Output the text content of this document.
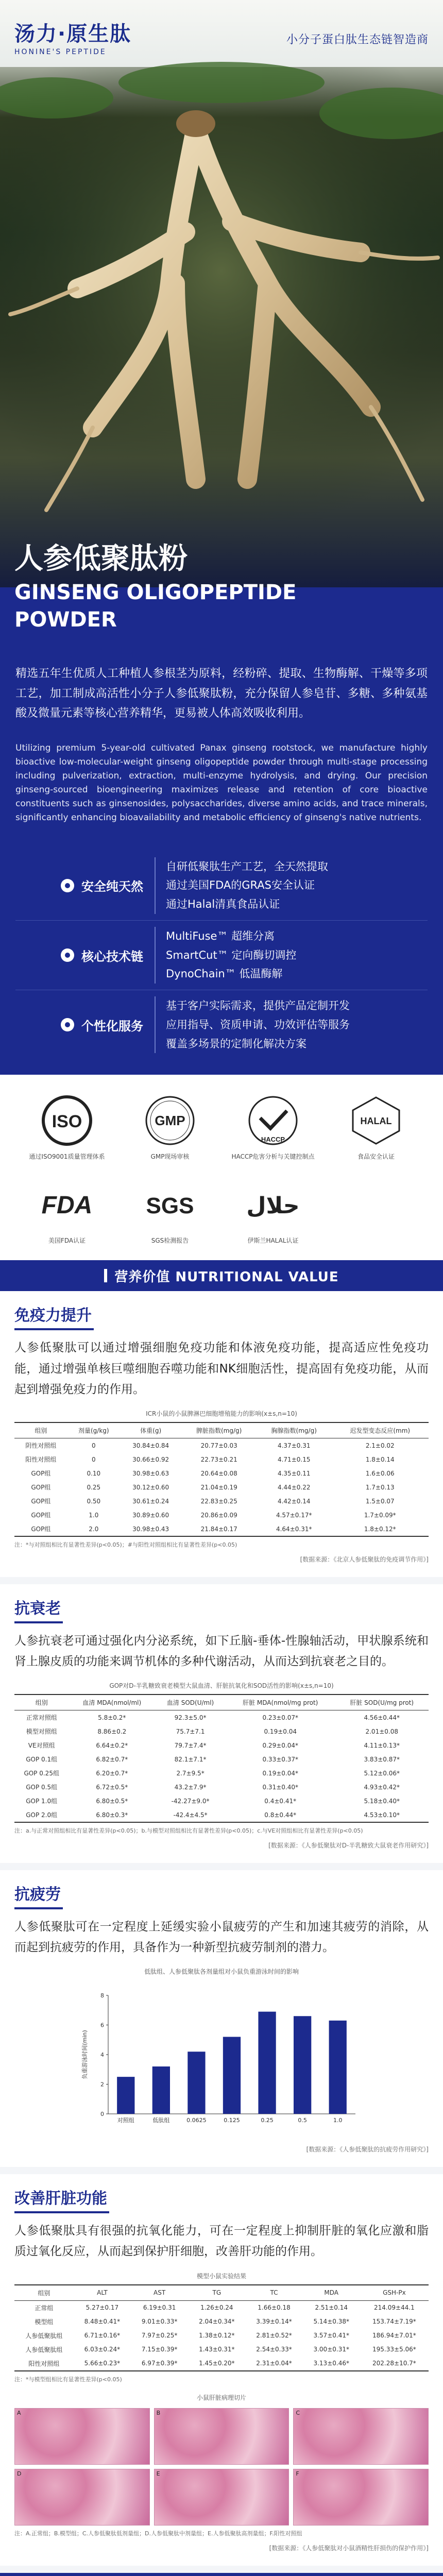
汤力·原生肽
HONINE'S PEPTIDE
小分子蛋白肽生态链智造商
人参低聚肽粉
GINSENG OLIGOPEPTIDE
POWDER

精选五年生优质人工种植人参根茎为原料，经粉碎、提取、生物酶解、干燥等多项工艺，加工制成高活性小分子人参低聚肽粉，充分保留人参皂苷、多糖、多种氨基酸及微量元素等核心营养精华，更易被人体高效吸收利用。

Utilizing premium 5-year-old cultivated Panax ginseng rootstock, we manufacture highly bioactive low-molecular-weight ginseng oligopeptide powder through multi-stage processing including pulverization, extraction, multi-enzyme hydrolysis, and drying. Our precision ginseng-sourced bioengineering maximizes release and retention of core bioactive constituents such as ginsenosides, polysaccharides, diverse amino acids, and trace minerals, significantly enhancing bioavailability and metabolic efficiency of ginseng's native nutrients.

安全纯天然
自研低聚肽生产工艺，全天然提取
通过美国FDA的GRAS安全认证
通过Halal清真食品认证
核心技术链
MultiFuse™ 超维分离
SmartCut™ 定向酶切调控
DynoChain™ 低温酶解
个性化服务
基于客户实际需求，提供产品定制开发
应用指导、资质申请、功效评估等服务
覆盖多场景的定制化解决方案
ISO
通过ISO9001质量管理体系
GMP
GMP现场审核
HACCP
HACCP危害分析与关键控制点
HALAL
食品安全认证
FDA
美国FDA认证
SGS
SGS检测报告
حلال
伊斯兰HALAL认证
营养价值 NUTRITIONAL VALUE
免疫力提升

人参低聚肽可以通过增强细胞免疫功能和体液免疫功能，提高适应性免疫功能，通过增强单核巨噬细胞吞噬功能和NK细胞活性，提高固有免疫功能，从而起到增强免疫力的作用。

ICR小鼠的小鼠脾淋巴细胞增殖能力的影响(x±s,n=10)
组别	剂量(g/kg)	体重(g)	脾脏指数(mg/g)	胸腺指数(mg/g)	迟发型变态反应(mm)
阴性对照组	0	30.84±0.84	20.77±0.03	4.37±0.31	2.1±0.02
阳性对照组	0	30.66±0.92	22.73±0.21	4.71±0.15	1.8±0.14
GOP组	0.10	30.98±0.63	20.64±0.08	4.35±0.11	1.6±0.06
GOP组	0.25	30.12±0.60	21.04±0.19	4.44±0.22	1.7±0.13
GOP组	0.50	30.61±0.24	22.83±0.25	4.42±0.14	1.5±0.07
GOP组	1.0	30.89±0.60	20.86±0.09	4.57±0.17*	1.7±0.09*
GOP组	2.0	30.98±0.43	21.84±0.17	4.64±0.31*	1.8±0.12*
注：*与对照组相比有显著性差异(p<0.05)；#与阳性对照组相比有显著性差异(p<0.05)
[数据来源：《北京人参低聚肽的免疫调节作用》]
抗衰老

人参抗衰老可通过强化内分泌系统，如下丘脑-垂体-性腺轴活动，甲状腺系统和肾上腺皮质的功能来调节机体的多种代谢活动，从而达到抗衰老之目的。

GOP对D-半乳糖致衰老模型大鼠血清、肝脏抗氧化和SOD活性的影响(x±s,n=10)
组别	血清 MDA(nmol/ml)	血清 SOD(U/ml)	肝脏 MDA(nmol/mg prot)	肝脏 SOD(U/mg prot)
正常对照组	5.8±0.2*	92.3±5.0*	0.23±0.07*	4.56±0.44*
模型对照组	8.86±0.2	75.7±7.1	0.19±0.04	2.01±0.08
VE对照组	6.64±0.2*	79.7±7.4*	0.29±0.04*	4.11±0.13*
GOP 0.1组	6.82±0.7*	82.1±7.1*	0.33±0.37*	3.83±0.87*
GOP 0.25组	6.20±0.7*	2.7±9.5*	0.19±0.04*	5.12±0.06*
GOP 0.5组	6.72±0.5*	43.2±7.9*	0.31±0.40*	4.93±0.42*
GOP 1.0组	6.80±0.5*	-42.27±9.0*	0.4±0.41*	5.18±0.40*
GOP 2.0组	6.80±0.3*	-42.4±4.5*	0.8±0.44*	4.53±0.10*
注：a.与正常对照组相比有显著性差异(p<0.05)；b.与模型对照组相比有显著性差异(p<0.05)；c.与VE对照组相比有显著性差异(p<0.05)
[数据来源：《人参低聚肽对D-半乳糖致大鼠衰老作用研究》]
抗疲劳

人参低聚肽可在一定程度上延缓实验小鼠疲劳的产生和加速其疲劳的消除，从而起到抗疲劳的作用，具备作为一种新型抗疲劳制剂的潜力。

低肽组、人参低聚肽各剂量组对小鼠负重游泳时间的影响
0
2
4
6
8
负重游泳时间(min)
对照组	低肽组	0.0625	0.125	0.25	0.5	1.0
[数据来源：《人参低聚肽的抗疲劳作用研究》]
改善肝脏功能

人参低聚肽具有很强的抗氧化能力，可在一定程度上抑制肝脏的氧化应激和脂质过氧化反应，从而起到保护肝细胞，改善肝功能的作用。

模型小鼠实验结果
组别	ALT	AST	TG	TC	MDA	GSH-Px
正常组	5.27±0.17	6.19±0.31	1.26±0.24	1.66±0.18	2.51±0.14	214.09±44.1
模型组	8.48±0.41*	9.01±0.33*	2.04±0.34*	3.39±0.14*	5.14±0.38*	153.74±7.19*
人参低聚肽组	6.71±0.16*	7.97±0.25*	1.38±0.12*	2.81±0.52*	3.57±0.41*	186.94±7.01*
人参低聚肽组	6.03±0.24*	7.15±0.39*	1.43±0.31*	2.54±0.33*	3.00±0.31*	195.33±5.06*
阳性对照组	5.66±0.23*	6.97±0.39*	1.45±0.20*	2.31±0.04*	3.13±0.46*	202.28±10.7*
注：*与模型组相比有显著性差异(p<0.05)
小鼠肝脏病理切片
A	B	C
D	E	F
注：A.正常组；B.模型组；C.人参低聚肽低剂量组；D.人参低聚肽中剂量组；E.人参低聚肽高剂量组；F.阳性对照组
[数据来源：《人参低聚肽对小鼠酒精性肝损伤的保护作用》]
